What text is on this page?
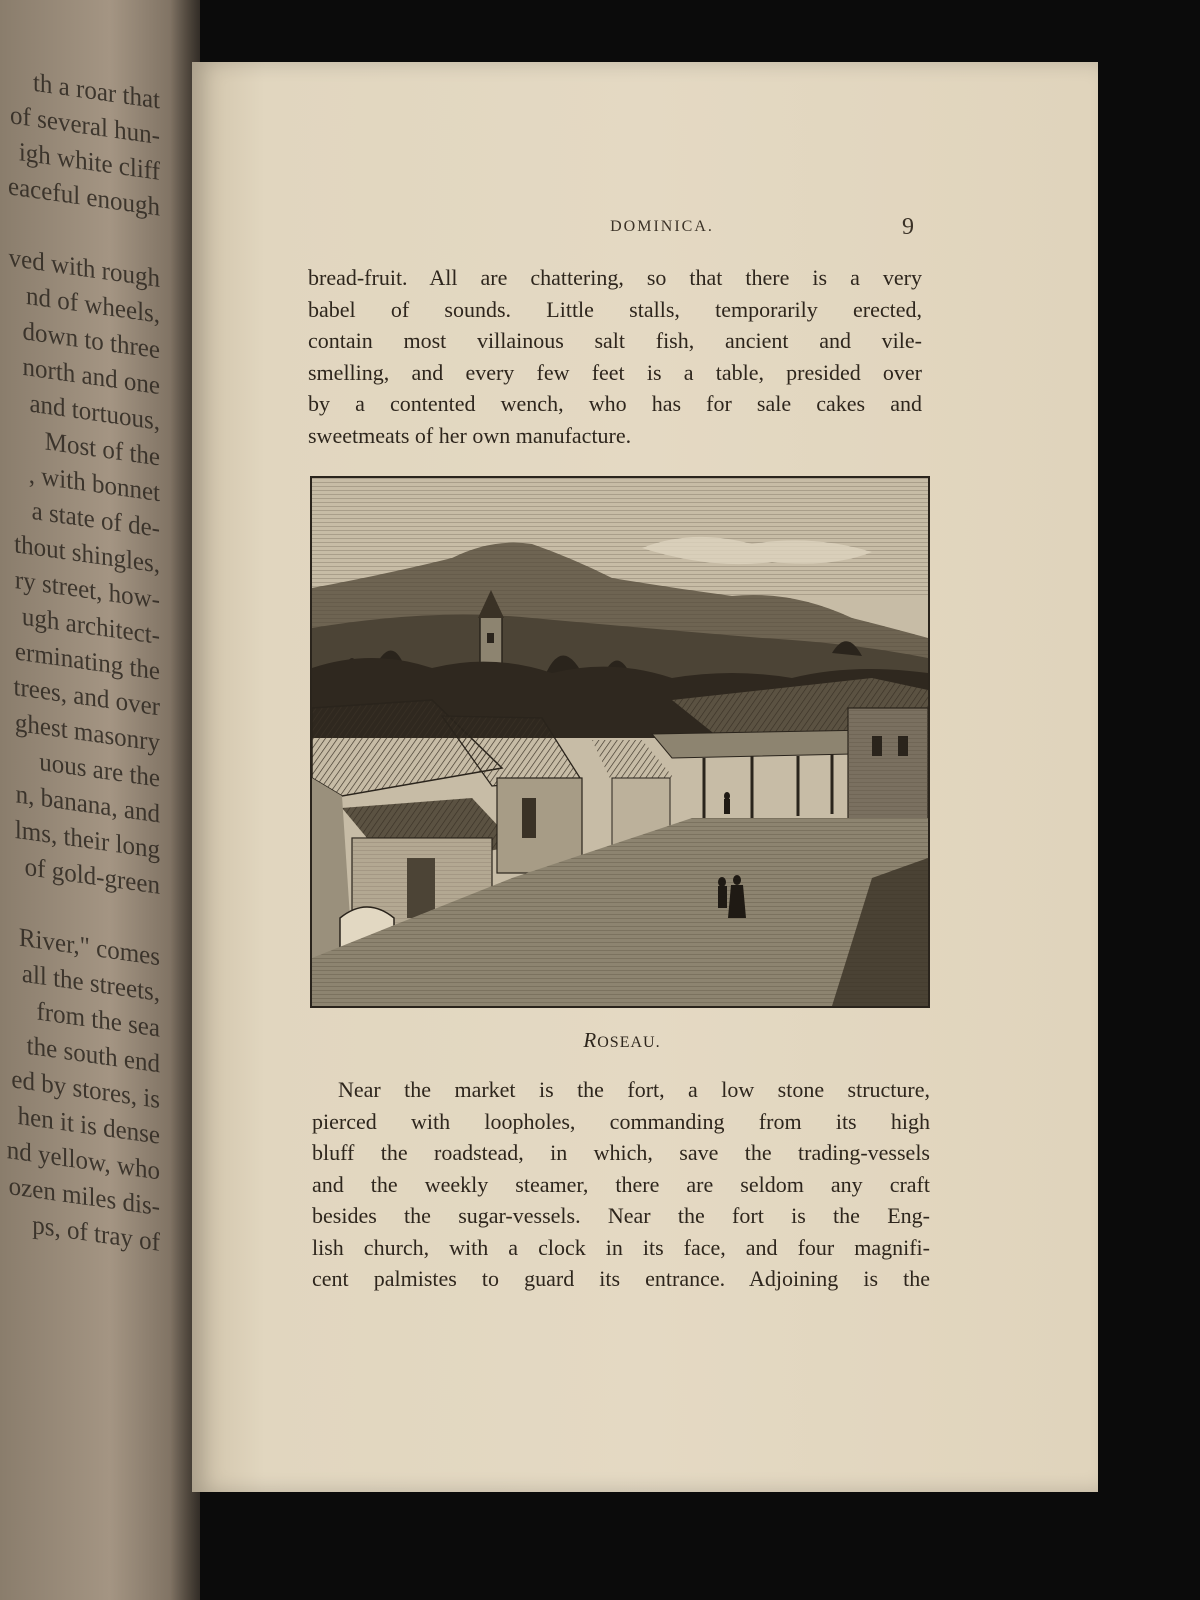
th a roar that
of several hun-
igh white cliff
eaceful enough

ved with rough
nd of wheels,
down to three
north and one
and tortuous,
Most of the
, with bonnet
a state of de-
thout shingles,
ry street, how-
ugh architect-
erminating the
trees, and over
ghest masonry
uous are the
n, banana, and
lms, their long
of gold-green

River," comes
all the streets,
from the sea
the south end
ed by stores, is
hen it is dense
nd yellow, who
ozen miles dis-
ps, of tray of
DOMINICA.	9

bread-fruit. All are chattering, so that there is a very
babel of sounds. Little stalls, temporarily erected,
contain most villainous salt fish, ancient and vile-
smelling, and every few feet is a table, presided over
by a contented wench, who has for sale cakes and
sweetmeats of her own manufacture.

ROSEAU.

Near the market is the fort, a low stone structure,
pierced with loopholes, commanding from its high
bluff the roadstead, in which, save the trading-vessels
and the weekly steamer, there are seldom any craft
besides the sugar-vessels. Near the fort is the Eng-
lish church, with a clock in its face, and four magnifi-
cent palmistes to guard its entrance. Adjoining is the
